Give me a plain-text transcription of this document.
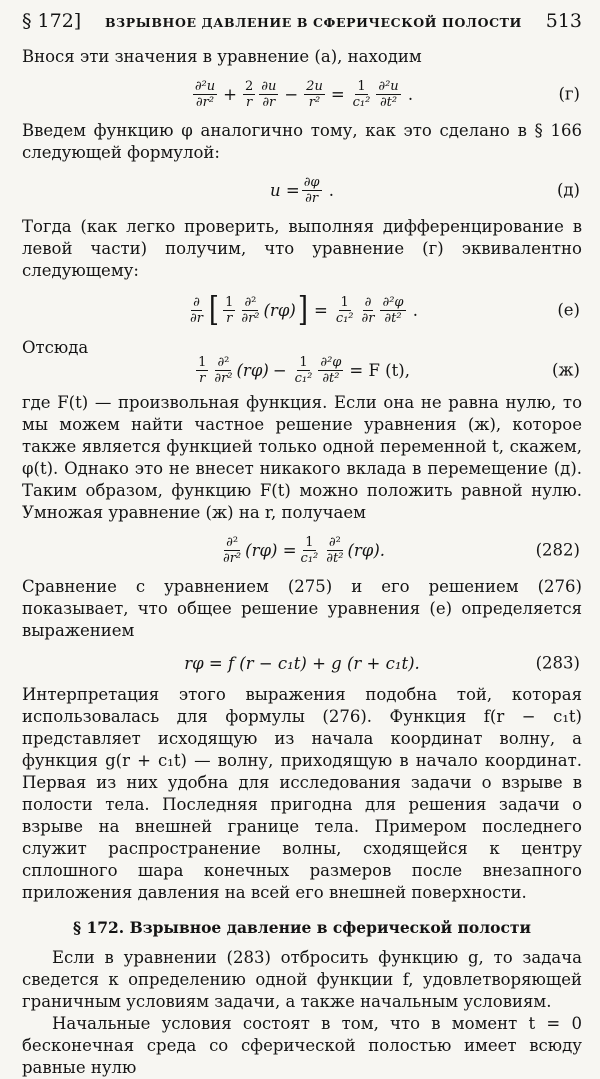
§ 172]	ВЗРЫВНОЕ ДАВЛЕНИЕ В СФЕРИЧЕСКОЙ ПОЛОСТИ	513

Внося эти значения в уравнение (а), находим

$\frac{\text{∂²u}}{\text{∂r²}} + \frac{2}{r} \frac{\partial u}{\partial r} - \frac{2u}{\text{r²}} = \frac{1}{\text{c₁²}} \frac{\text{∂²u}}{\text{∂t²}}$ .	(г)

Введем функцию φ аналогично тому, как это сделано в § 166 следующей формулой:

$u = \frac{\partial\varphi}{\partial r}$ .	(д)

Тогда (как легко проверить, выполняя дифференцирование в левой части) получим, что уравнение (г) эквивалентно следующему:

$\frac{\partial}{\partial r}$ [ $\frac{1}{r} \frac{\text{∂²}}{\text{∂r²}} (r\varphi)$ ] = $\frac{1}{\text{c₁²}} \frac{\partial}{\partial r} \frac{\text{∂²φ}}{\text{∂t²}}$ .	(е)
Отсюда
$\frac{1}{r} \frac{\text{∂²}}{\text{∂r²}} (r\varphi) - \frac{1}{\text{c₁²}} \frac{\text{∂²φ}}{\text{∂t²}} = F$ (t),	(ж)

где F(t) — произвольная функция. Если она не равна нулю, то мы можем найти частное решение уравнения (ж), которое также является функцией только одной переменной t, скажем, φ(t). Однако это не внесет никакого вклада в перемещение (д). Таким образом, функцию F(t) можно положить равной нулю. Умножая уравнение (ж) на r, получаем

$\frac{\text{∂²}}{\text{∂r²}} (r\varphi) = \frac{1}{\text{c₁²}} \frac{\text{∂²}}{\text{∂t²}} (r\varphi)$.	(282)

Сравнение с уравнением (275) и его решением (276) показывает, что общее решение уравнения (е) определяется выражением

rφ = f (r − c₁t) + g (r + c₁t).	(283)

Интерпретация этого выражения подобна той, которая использовалась для формулы (276). Функция f(r − c₁t) представляет исходящую из начала координат волну, а функция g(r + c₁t) — волну, приходящую в начало координат. Первая из них удобна для исследования задачи о взрыве в полости тела. Последняя пригодна для решения задачи о взрыве на внешней границе тела. Примером последнего служит распространение волны, сходящейся к центру сплошного шара конечных размеров после внезапного приложения давления на всей его внешней поверхности.

§ 172. Взрывное давление в сферической полости

Если в уравнении (283) отбросить функцию g, то задача сведется к определению одной функции f, удовлетворяющей граничным условиям задачи, а также начальным условиям.

Начальные условия состоят в том, что в момент t = 0 бесконечная среда со сферической полостью имеет всюду равные нулю
